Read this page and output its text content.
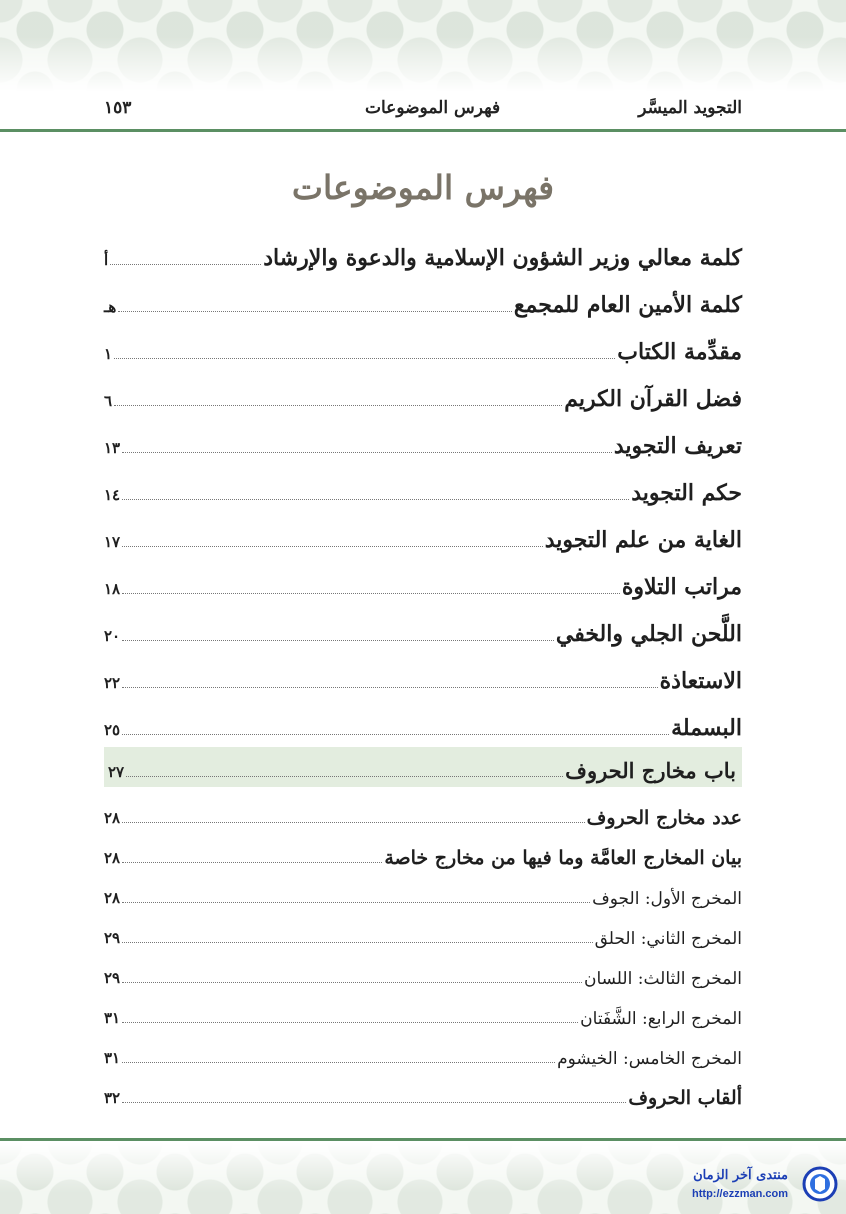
التجويد الميسَّر
فهرس الموضوعات
١٥٣
فهرس الموضوعات
كلمة معالي وزير الشؤون الإسلامية والدعوة والإرشاد
أ
كلمة الأمين العام للمجمع
هـ
مقدِّمة الكتاب
١
فضل القرآن الكريم
٦
تعريف التجويد
١٣
حكم التجويد
١٤
الغاية من علم التجويد
١٧
مراتب التلاوة
١٨
اللَّحن الجلي والخفي
٢٠
الاستعاذة
٢٢
البسملة
٢٥
باب مخارج الحروف
٢٧
عدد مخارج الحروف
٢٨
بيان المخارج العامَّة وما فيها من مخارج خاصة
٢٨
المخرج الأول: الجوف
٢٨
المخرج الثاني: الحلق
٢٩
المخرج الثالث: اللسان
٢٩
المخرج الرابع: الشَّفَتان
٣١
المخرج الخامس: الخيشوم
٣١
ألقاب الحروف
٣٢
منتدى آخر الزمان
http://ezzman.com
